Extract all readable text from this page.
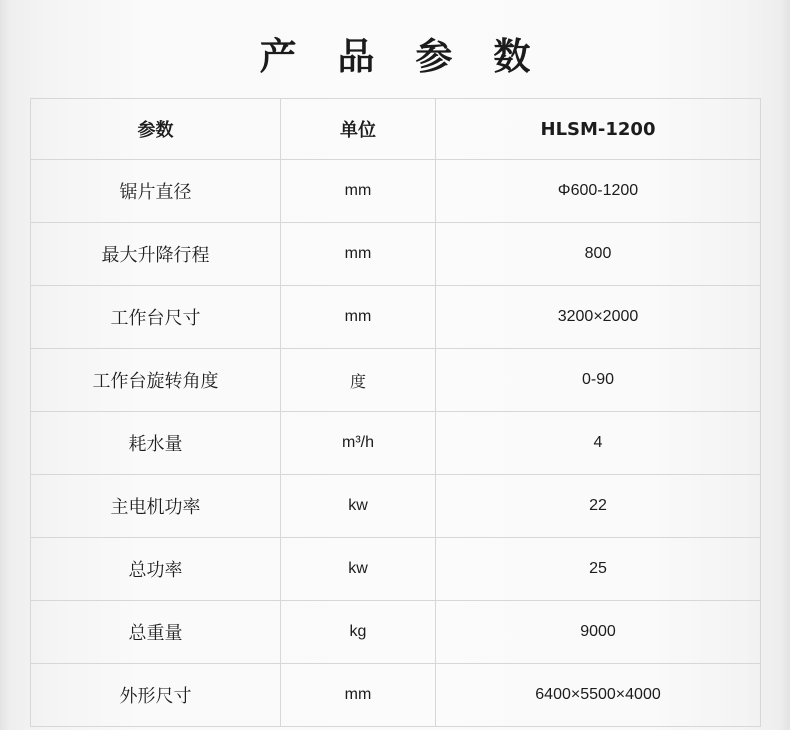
产 品 参 数
参数	单位	HLSM-1200
锯片直径	mm	Φ600-1200
最大升降行程	mm	800
工作台尺寸	mm	3200×2000
工作台旋转角度	度	0-90
耗水量	m³/h	4
主电机功率	kw	22
总功率	kw	25
总重量	kg	9000
外形尺寸	mm	6400×5500×4000
